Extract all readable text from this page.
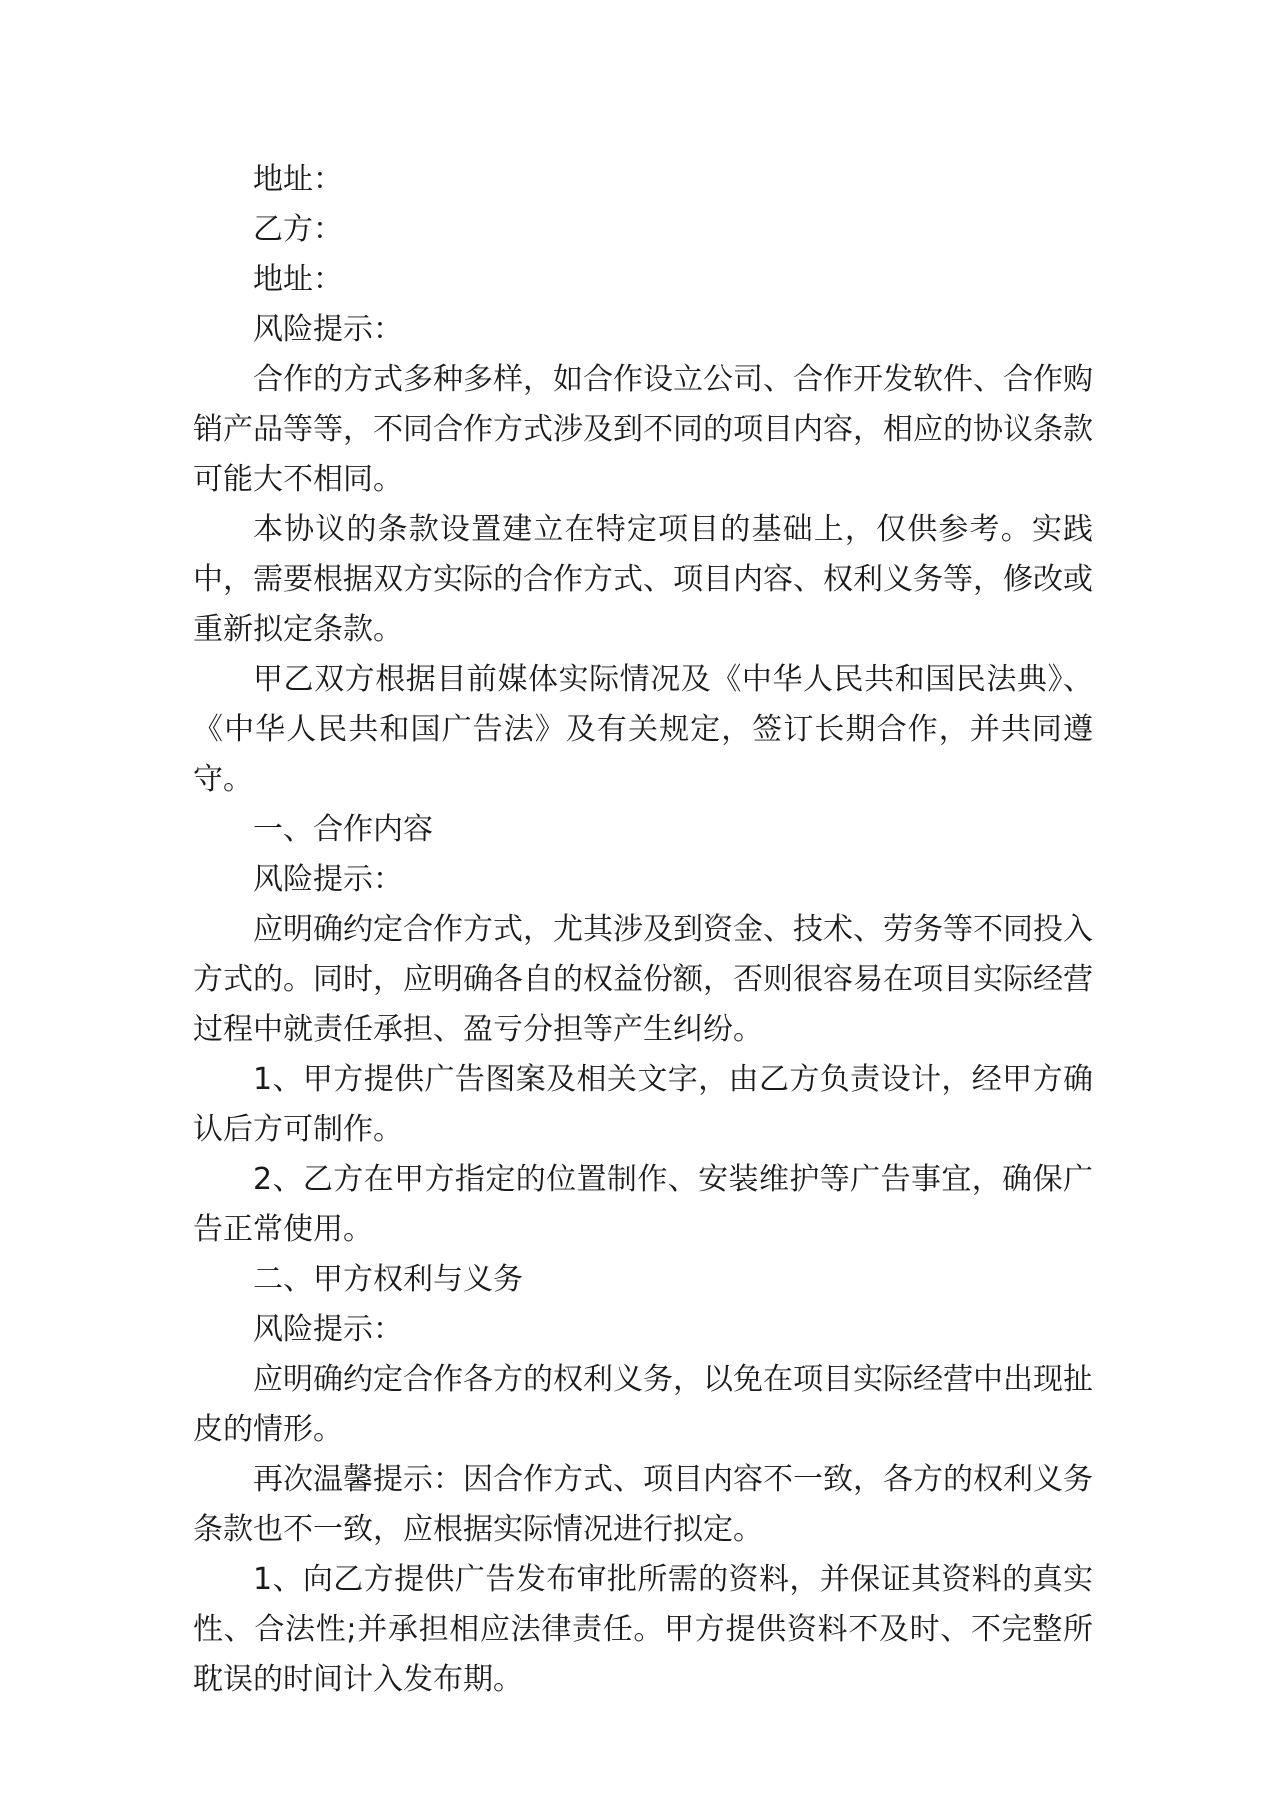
地址：

乙方：

地址：

风险提示：

合作的方式多种多样，如合作设立公司、合作开发软件、合作购销产品等等，不同合作方式涉及到不同的项目内容，相应的协议条款可能大不相同。

本协议的条款设置建立在特定项目的基础上，仅供参考。实践中，需要根据双方实际的合作方式、项目内容、权利义务等，修改或重新拟定条款。

甲乙双方根据目前媒体实际情况及《中华人民共和国民法典》、《中华人民共和国广告法》及有关规定，签订长期合作，并共同遵守。

一、合作内容

风险提示：

应明确约定合作方式，尤其涉及到资金、技术、劳务等不同投入方式的。同时，应明确各自的权益份额，否则很容易在项目实际经营过程中就责任承担、盈亏分担等产生纠纷。

1、甲方提供广告图案及相关文字，由乙方负责设计，经甲方确认后方可制作。

2、乙方在甲方指定的位置制作、安装维护等广告事宜，确保广告正常使用。

二、甲方权利与义务

风险提示：

应明确约定合作各方的权利义务，以免在项目实际经营中出现扯皮的情形。

再次温馨提示：因合作方式、项目内容不一致，各方的权利义务条款也不一致，应根据实际情况进行拟定。

1、向乙方提供广告发布审批所需的资料，并保证其资料的真实性、合法性;并承担相应法律责任。甲方提供资料不及时、不完整所耽误的时间计入发布期。
